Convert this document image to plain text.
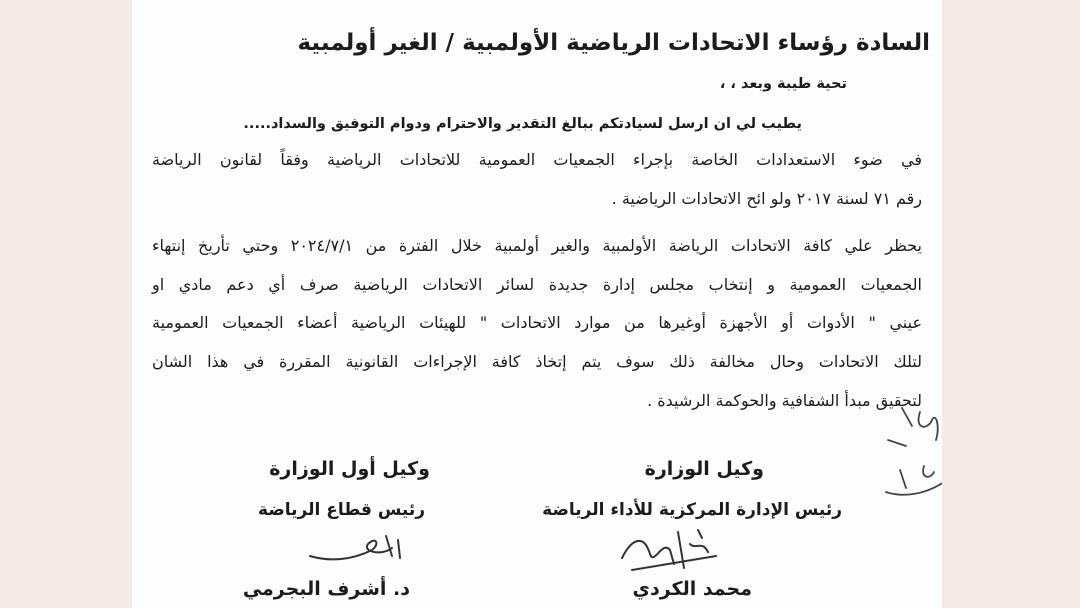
السادة رؤساء الاتحادات الرياضية الأولمبية / الغير أولمبية
تحية طيبة وبعد ، ،
يطيب لي ان ارسل لسيادتكم ببالغ التقدير والاحترام ودوام التوفيق والسداد.....
في ضوء الاستعدادات الخاصة بإجراء الجمعيات العمومية للاتحادات الرياضية وفقاً لقانون الرياضة
رقم ٧١ لسنة ٢٠١٧ ولو ائح الاتحادات الرياضية .
يحظر علي كافة الاتحادات الرياضة الأولمبية والغير أولمبية خلال الفترة من ٢٠٢٤/٧/١ وحتي تأريخ إنتهاء
الجمعيات العمومية و إنتخاب مجلس إدارة جديدة لسائر الاتحادات الرياضية صرف أي دعم مادي او
عيني " الأدوات أو الأجهزة أوغيرها من موارد الاتحادات " للهيئات الرياضية أعضاء الجمعيات العمومية
لتلك الاتحادات وحال مخالفة ذلك سوف يتم إتخاذ كافة الإجراءات القانونية المقررة في هذا الشان
لتحقيق مبدأ الشفافية والحوكمة الرشيدة .
وكيل الوزارة
رئيس الإدارة المركزية للأداء الرياضة
محمد الكردي
وكيل أول الوزارة
رئيس قطاع الرياضة
د. أشرف البجرمي
